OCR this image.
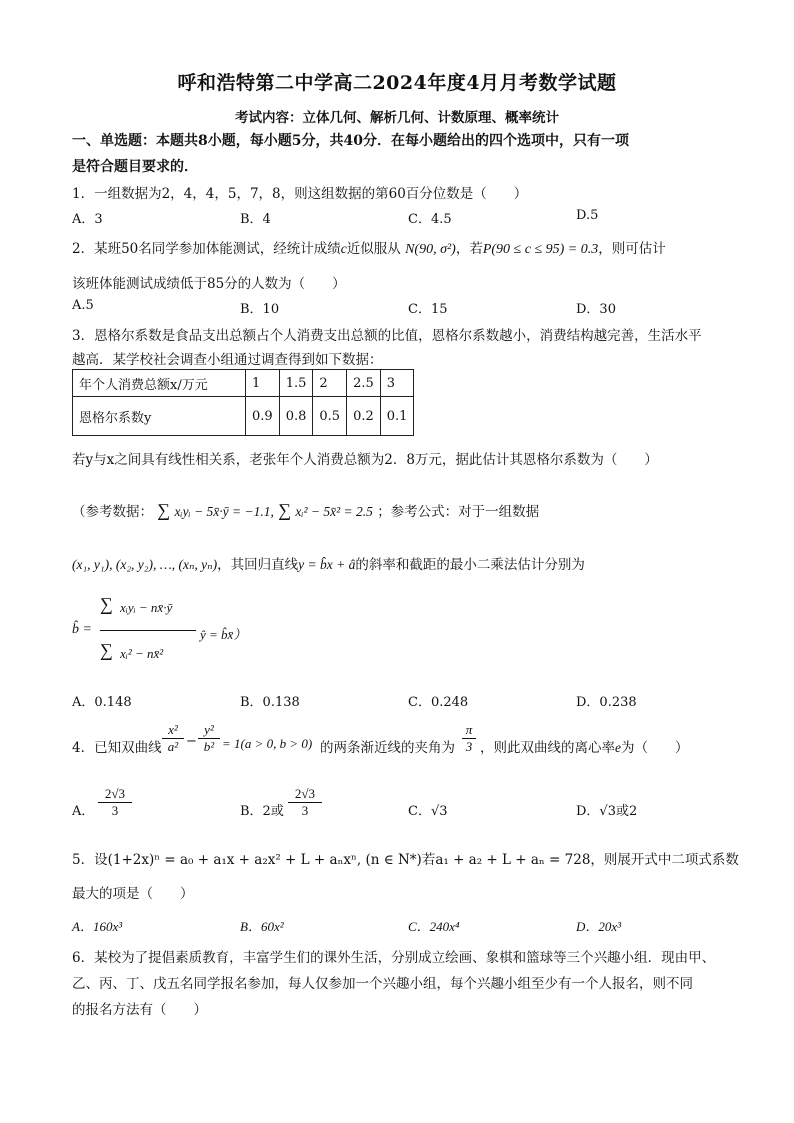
呼和浩特第二中学高二2024年度4月月考数学试题
考试内容：立体几何、解析几何、计数原理、概率统计
一、单选题：本题共8小题，每小题5分，共40分．在每小题给出的四个选项中，只有一项
是符合题目要求的．
1．一组数据为2，4，4，5，7，8，则这组数据的第60百分位数是（　　）
A．3	B．4	C．4.5	D.5
2．某班50名同学参加体能测试，经统计成绩c近似服从 N(90, σ²)，若P(90 ≤ c ≤ 95) = 0.3，则可估计
该班体能测试成绩低于85分的人数为（　　）
A.5	B．10	C．15	D．30
3．恩格尔系数是食品支出总额占个人消费支出总额的比值，恩格尔系数越小，消费结构越完善，生活水平
越高．某学校社会调查小组通过调查得到如下数据：
年个人消费总额x/万元	1	1.5	2	2.5	3
恩格尔系数y	0.9	0.8	0.5	0.2	0.1
若y与x之间具有线性相关系，老张年个人消费总额为2．8万元，据此估计其恩格尔系数为（　　）
（参考数据： ∑ xᵢyᵢ − 5x̄·ȳ = −1.1, ∑ xᵢ² − 5x̄² = 2.5 ；参考公式：对于一组数据
(x₁, y₁), (x₂, y₂), …, (xₙ, yₙ)，其回归直线y = b̂x + â的斜率和截距的最小二乘法估计分别为
b̂ =
∑ xᵢyᵢ − nx̄·ȳ
∑ xᵢ² − nx̄²
ŷ = b̂x̄）
A．0.148	B．0.138	C．0.248	D．0.238
4．已知双曲线
x²
a² −
y²
b² = 1(a > 0, b > 0) 的两条渐近线的夹角为
π
3 ，则此双曲线的离心率e为（　　）
A．
2√3
3	B．2或
2√3
3	C．√3	D．√3或2
5．设(1+2x)ⁿ = a₀ + a₁x + a₂x² + L + aₙxⁿ, (n ∈ N*)若a₁ + a₂ + L + aₙ = 728，则展开式中二项式系数
最大的项是（　　）
A．160x³	B．60x²	C．240x⁴	D．20x³
6．某校为了提倡素质教育，丰富学生们的课外生活，分别成立绘画、象棋和篮球等三个兴趣小组．现由甲、
乙、丙、丁、戊五名同学报名参加，每人仅参加一个兴趣小组，每个兴趣小组至少有一个人报名，则不同
的报名方法有（　　）
